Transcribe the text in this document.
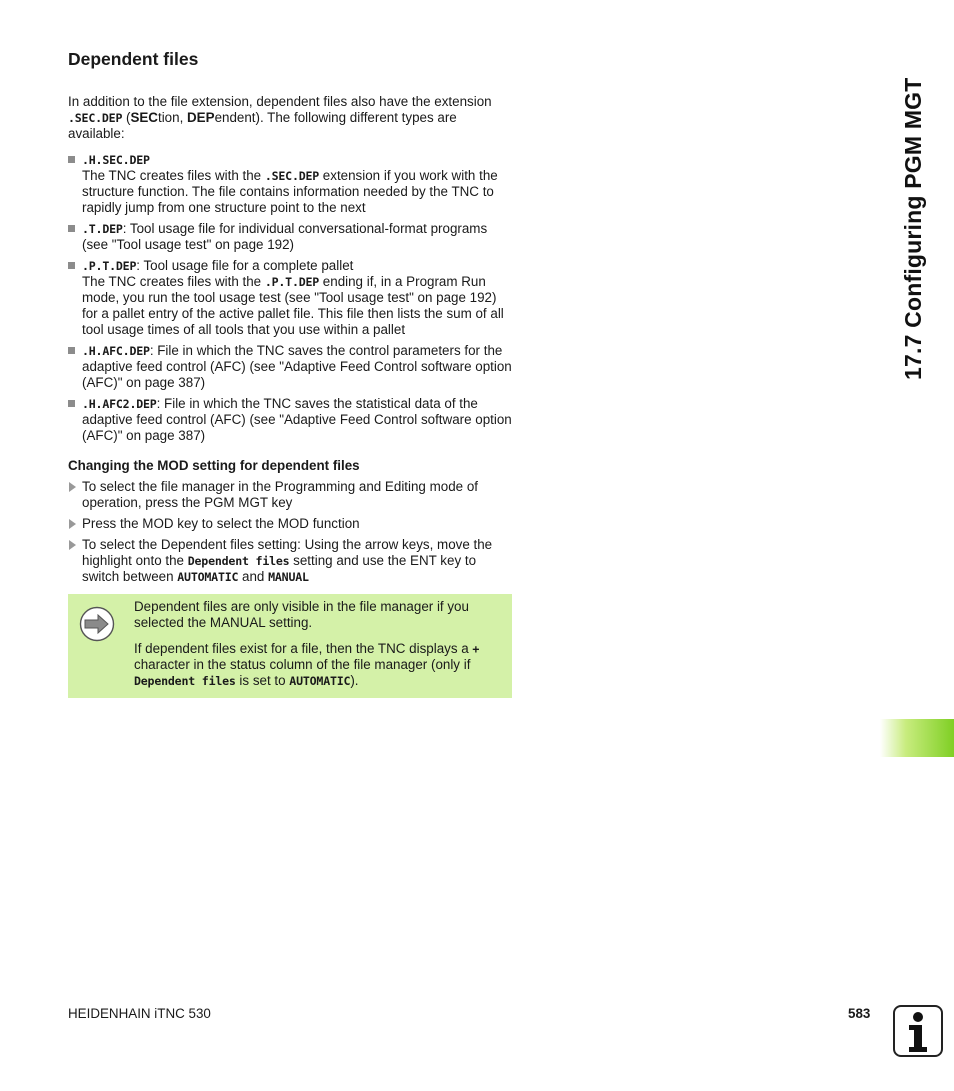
Dependent files

In addition to the file extension, dependent files also have the extension .SEC.DEP (SECtion, DEPendent). The following different types are available:

.H.SEC.DEP
The TNC creates files with the .SEC.DEP extension if you work with the structure function. The file contains information needed by the TNC to rapidly jump from one structure point to the next
.T.DEP: Tool usage file for individual conversational-format programs (see "Tool usage test" on page 192)
.P.T.DEP: Tool usage file for a complete pallet
The TNC creates files with the .P.T.DEP ending if, in a Program Run mode, you run the tool usage test (see "Tool usage test" on page 192) for a pallet entry of the active pallet file. This file then lists the sum of all tool usage times of all tools that you use within a pallet
.H.AFC.DEP: File in which the TNC saves the control parameters for the adaptive feed control (AFC) (see "Adaptive Feed Control software option (AFC)" on page 387)
.H.AFC2.DEP: File in which the TNC saves the statistical data of the adaptive feed control (AFC) (see "Adaptive Feed Control software option (AFC)" on page 387)
Changing the MOD setting for dependent files
To select the file manager in the Programming and Editing mode of operation, press the PGM MGT key
Press the MOD key to select the MOD function
To select the Dependent files setting: Using the arrow keys, move the highlight onto the Dependent files setting and use the ENT key to switch between AUTOMATIC and MANUAL

Dependent files are only visible in the file manager if you selected the MANUAL setting.

If dependent files exist for a file, then the TNC displays a + character in the status column of the file manager (only if Dependent files is set to AUTOMATIC).

17.7 Configuring PGM MGT
HEIDENHAIN iTNC 530	583
